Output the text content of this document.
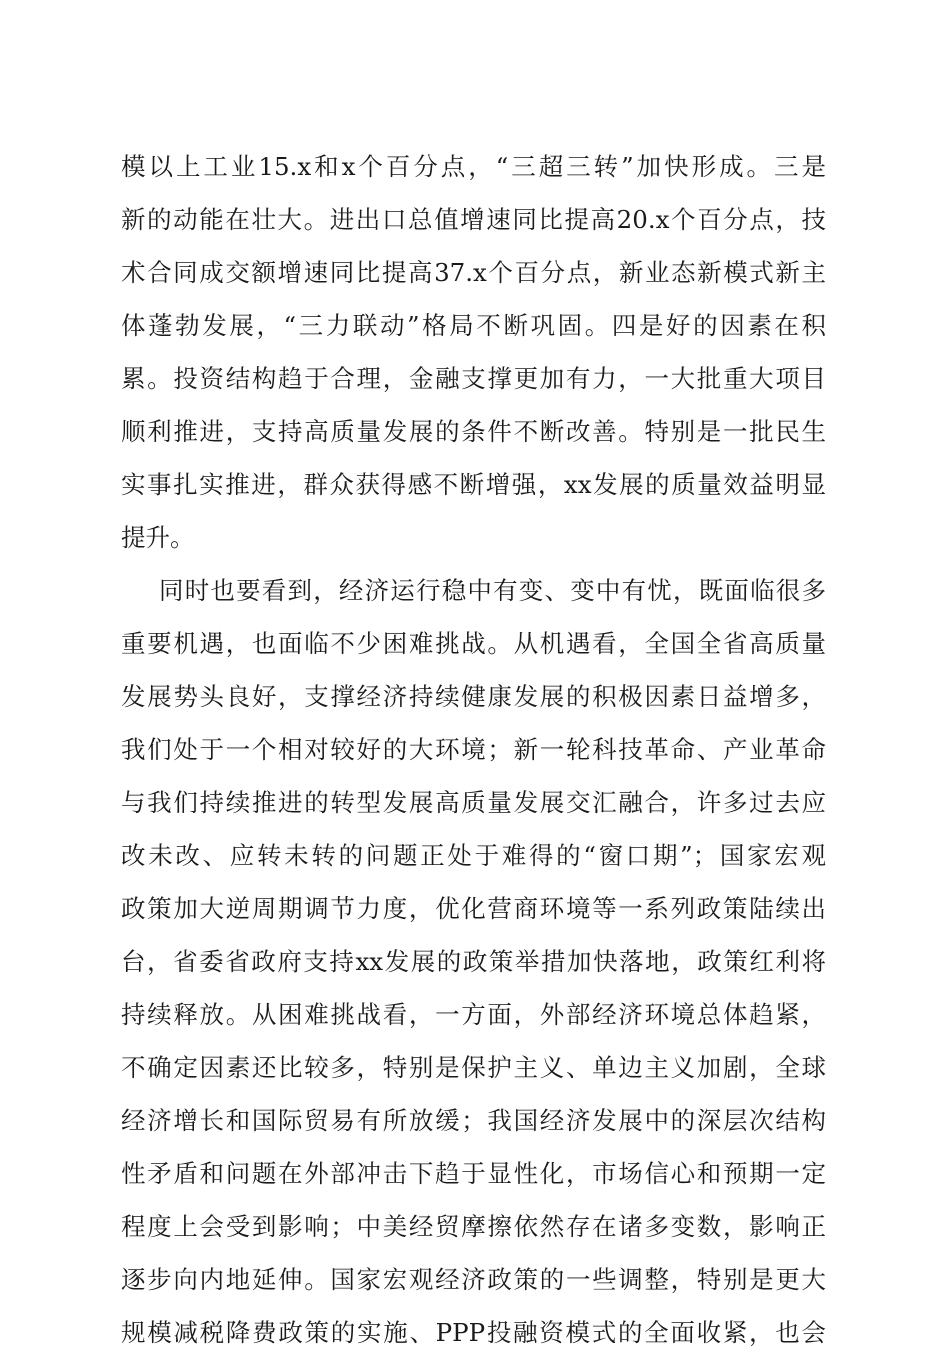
模以上工业15.x和x个百分点，“三超三转”加快形成。三是
新的动能在壮大。进出口总值增速同比提高20.x个百分点，技
术合同成交额增速同比提高37.x个百分点，新业态新模式新主
体蓬勃发展，“三力联动”格局不断巩固。四是好的因素在积
累。投资结构趋于合理，金融支撑更加有力，一大批重大项目
顺利推进，支持高质量发展的条件不断改善。特别是一批民生
实事扎实推进，群众获得感不断增强，xx发展的质量效益明显
提升。
同时也要看到，经济运行稳中有变、变中有忧，既面临很多
重要机遇，也面临不少困难挑战。从机遇看，全国全省高质量
发展势头良好，支撑经济持续健康发展的积极因素日益增多，
我们处于一个相对较好的大环境；新一轮科技革命、产业革命
与我们持续推进的转型发展高质量发展交汇融合，许多过去应
改未改、应转未转的问题正处于难得的“窗口期”；国家宏观
政策加大逆周期调节力度，优化营商环境等一系列政策陆续出
台，省委省政府支持xx发展的政策举措加快落地，政策红利将
持续释放。从困难挑战看，一方面，外部经济环境总体趋紧，
不确定因素还比较多，特别是保护主义、单边主义加剧，全球
经济增长和国际贸易有所放缓；我国经济发展中的深层次结构
性矛盾和问题在外部冲击下趋于显性化，市场信心和预期一定
程度上会受到影响；中美经贸摩擦依然存在诸多变数，影响正
逐步向内地延伸。国家宏观经济政策的一些调整，特别是更大
规模减税降费政策的实施、PPP投融资模式的全面收紧，也会
